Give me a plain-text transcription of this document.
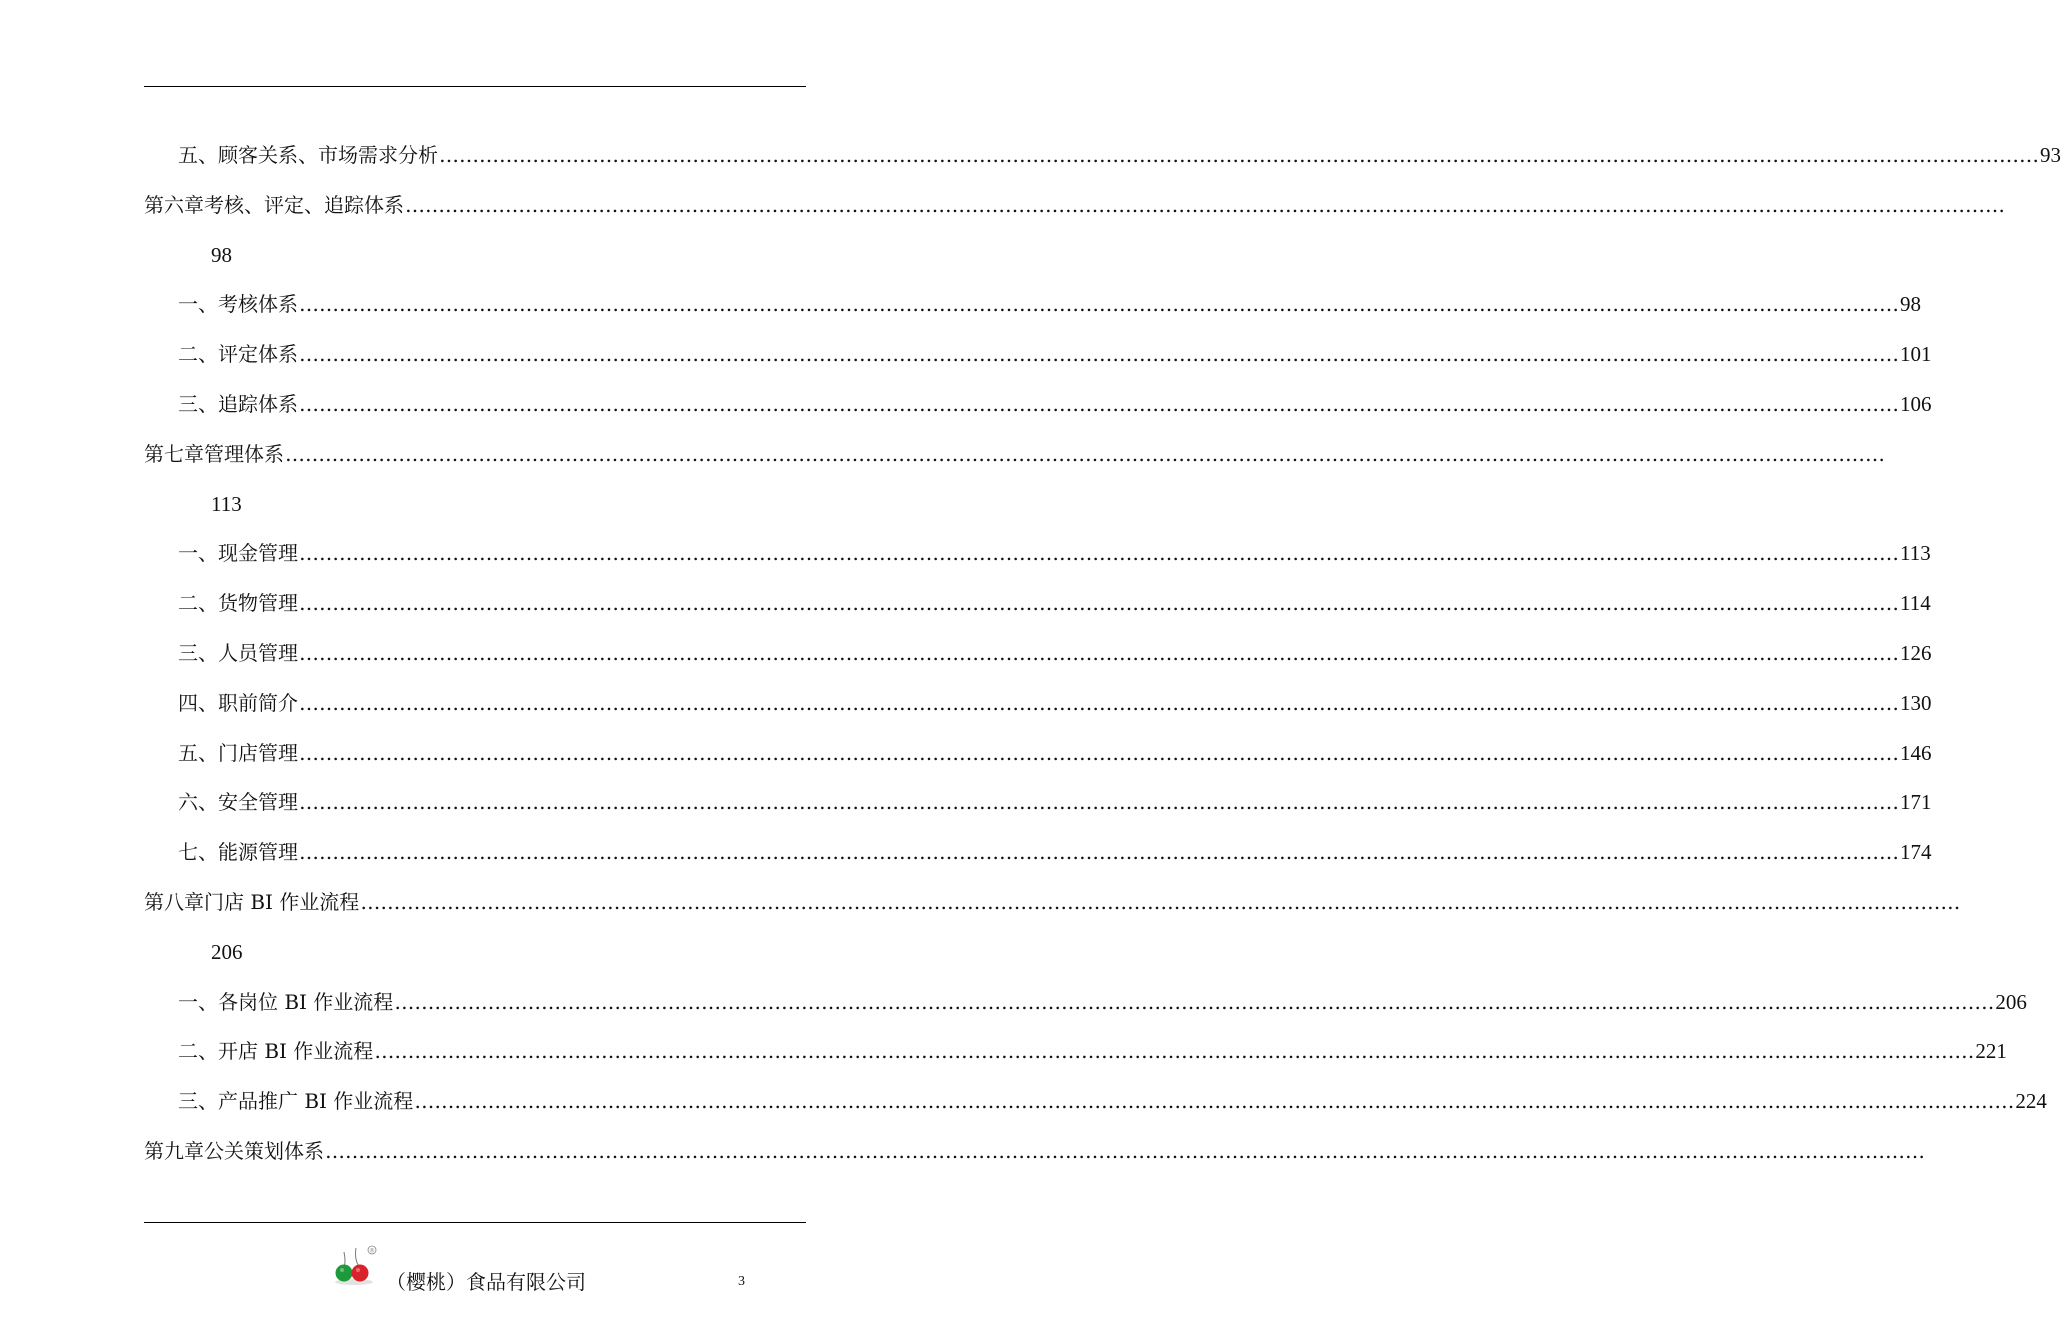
五、 顾客关系、市场需求分析 …………………………………………………………………………………………………………………………………………………………………………………………………………………… 93
第六章 考核、评定、追踪体系 ……………………………………………………………………………………………………………………………………………………………………………………………………………………
98
一、 考核体系 …………………………………………………………………………………………………………………………………………………………………………………………………………………… 98
二、 评定体系 …………………………………………………………………………………………………………………………………………………………………………………………………………………… 101
三、 追踪体系 …………………………………………………………………………………………………………………………………………………………………………………………………………………… 106
第七章 管理体系 ……………………………………………………………………………………………………………………………………………………………………………………………………………………
113
一、 现金管理 …………………………………………………………………………………………………………………………………………………………………………………………………………………… 113
二、 货物管理 …………………………………………………………………………………………………………………………………………………………………………………………………………………… 114
三、 人员管理 …………………………………………………………………………………………………………………………………………………………………………………………………………………… 126
四、 职前简介 …………………………………………………………………………………………………………………………………………………………………………………………………………………… 130
五、 门店管理 …………………………………………………………………………………………………………………………………………………………………………………………………………………… 146
六、 安全管理 …………………………………………………………………………………………………………………………………………………………………………………………………………………… 171
七、 能源管理 …………………………………………………………………………………………………………………………………………………………………………………………………………………… 174
第八章 门店 BI 作业流程 ……………………………………………………………………………………………………………………………………………………………………………………………………………………
206
一、 各岗位 BI 作业流程 …………………………………………………………………………………………………………………………………………………………………………………………………………………… 206
二、 开店 BI 作业流程 …………………………………………………………………………………………………………………………………………………………………………………………………………………… 221
三、 产品推广 BI 作业流程 …………………………………………………………………………………………………………………………………………………………………………………………………………………… 224
第九章 公关策划体系 ……………………………………………………………………………………………………………………………………………………………………………………………………………………
®
（樱桃）食品有限公司	3
